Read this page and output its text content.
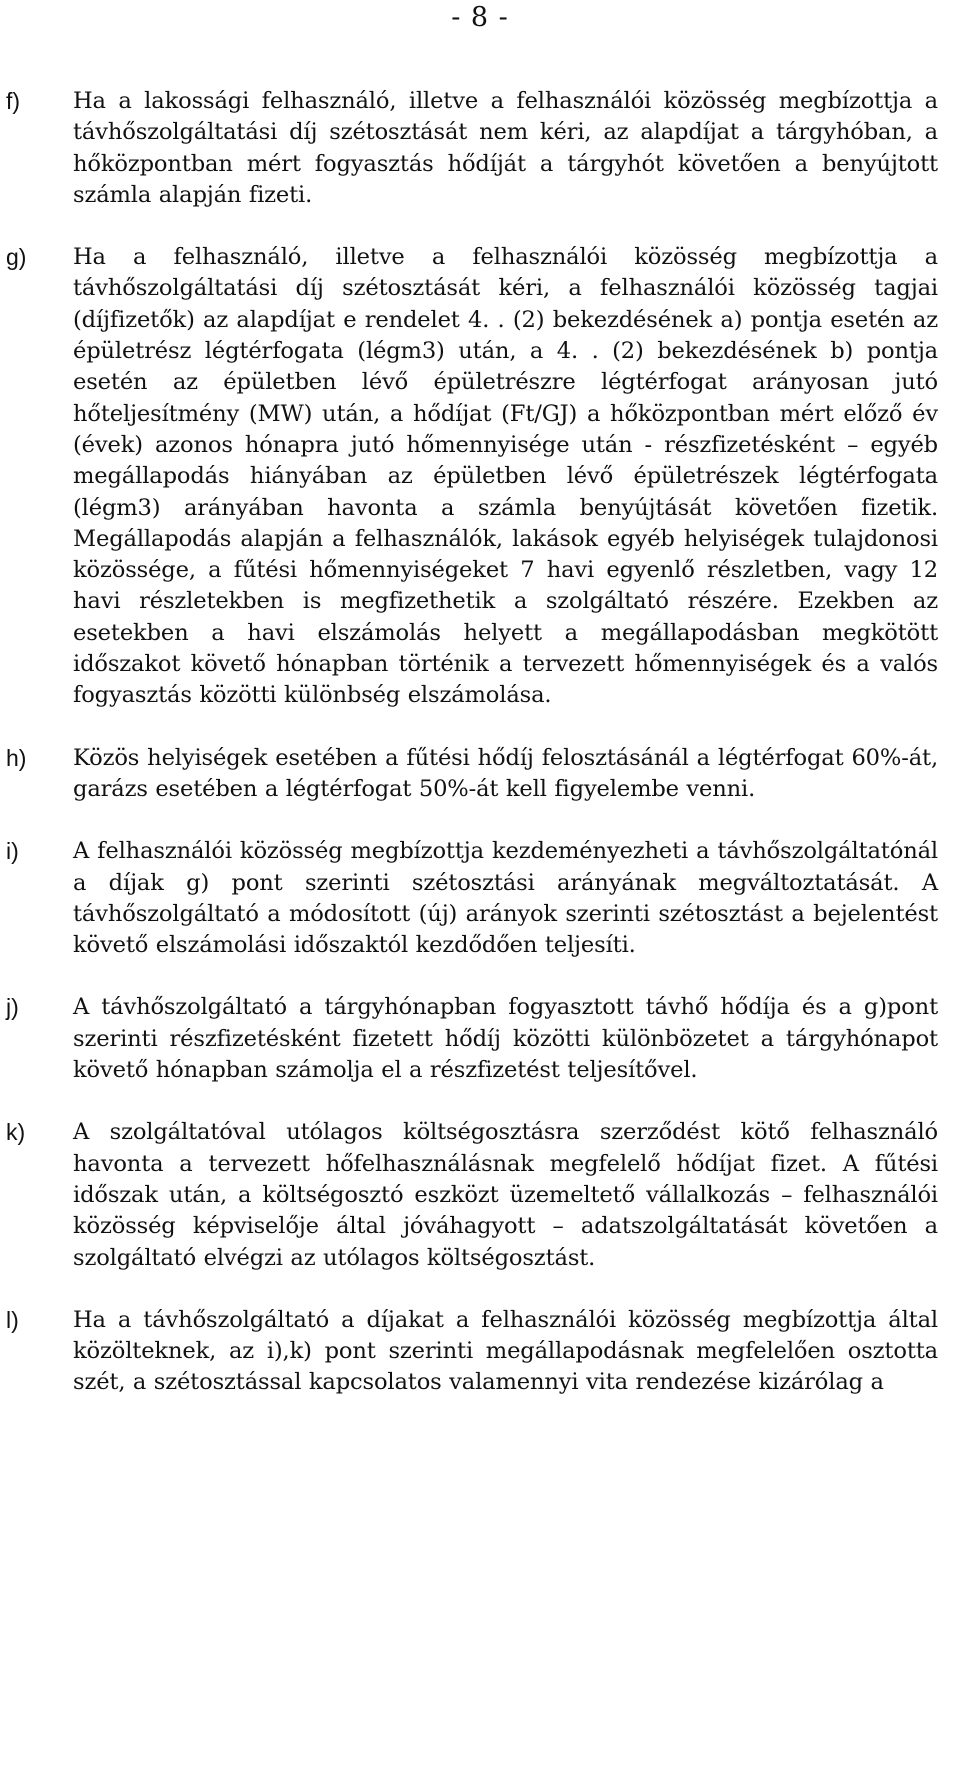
- 8 -
f) Ha a lakossági felhasználó, illetve a felhasználói közösség megbízottja a távhőszolgáltatási díj szétosztását nem kéri, az alapdíjat a tárgyhóban, a hőközpontban mért fogyasztás hődíját a tárgyhót követően a benyújtott számla alapján fizeti.
g) Ha a felhasználó, illetve a felhasználói közösség megbízottja a távhőszolgáltatási díj szétosztását kéri, a felhasználói közösség tagjai (díjfizetők) az alapdíjat e rendelet 4. . (2) bekezdésének a) pontja esetén az épületrész légtérfogata (légm3) után, a 4. . (2) bekezdésének b) pontja esetén az épületben lévő épületrészre légtérfogat arányosan jutó hőteljesítmény (MW) után, a hődíjat (Ft/GJ) a hőközpontban mért előző év (évek) azonos hónapra jutó hőmennyisége után - részfizetésként – egyéb megállapodás hiányában az épületben lévő épületrészek légtérfogata (légm3) arányában havonta a számla benyújtását követően fizetik. Megállapodás alapján a felhasználók, lakások egyéb helyiségek tulajdonosi közössége, a fűtési hőmennyiségeket 7 havi egyenlő részletben, vagy 12 havi részletekben is megfizethetik a szolgáltató részére. Ezekben az esetekben a havi elszámolás helyett a megállapodásban megkötött időszakot követő hónapban történik a tervezett hőmennyiségek és a valós fogyasztás közötti különbség elszámolása.
h) Közös helyiségek esetében a fűtési hődíj felosztásánál a légtérfogat 60%-át, garázs esetében a légtérfogat 50%-át kell figyelembe venni.
i) A felhasználói közösség megbízottja kezdeményezheti a távhőszolgáltatónál a díjak g) pont szerinti szétosztási arányának megváltoztatását. A távhőszolgáltató a módosított (új) arányok szerinti szétosztást a bejelentést követő elszámolási időszaktól kezdődően teljesíti.
j) A távhőszolgáltató a tárgyhónapban fogyasztott távhő hődíja és a g)pont szerinti részfizetésként fizetett hődíj közötti különbözetet a tárgyhónapot követő hónapban számolja el a részfizetést teljesítővel.
k) A szolgáltatóval utólagos költségosztásra szerződést kötő felhasználó havonta a tervezett hőfelhasználásnak megfelelő hődíjat fizet. A fűtési időszak után, a költségosztó eszközt üzemeltető vállalkozás – felhasználói közösség képviselője által jóváhagyott – adatszolgáltatását követően a szolgáltató elvégzi az utólagos költségosztást.
l) Ha a távhőszolgáltató a díjakat a felhasználói közösség megbízottja által közölteknek, az i),k) pont szerinti megállapodásnak megfelelően osztotta szét, a szétosztással kapcsolatos valamennyi vita rendezése kizárólag a
